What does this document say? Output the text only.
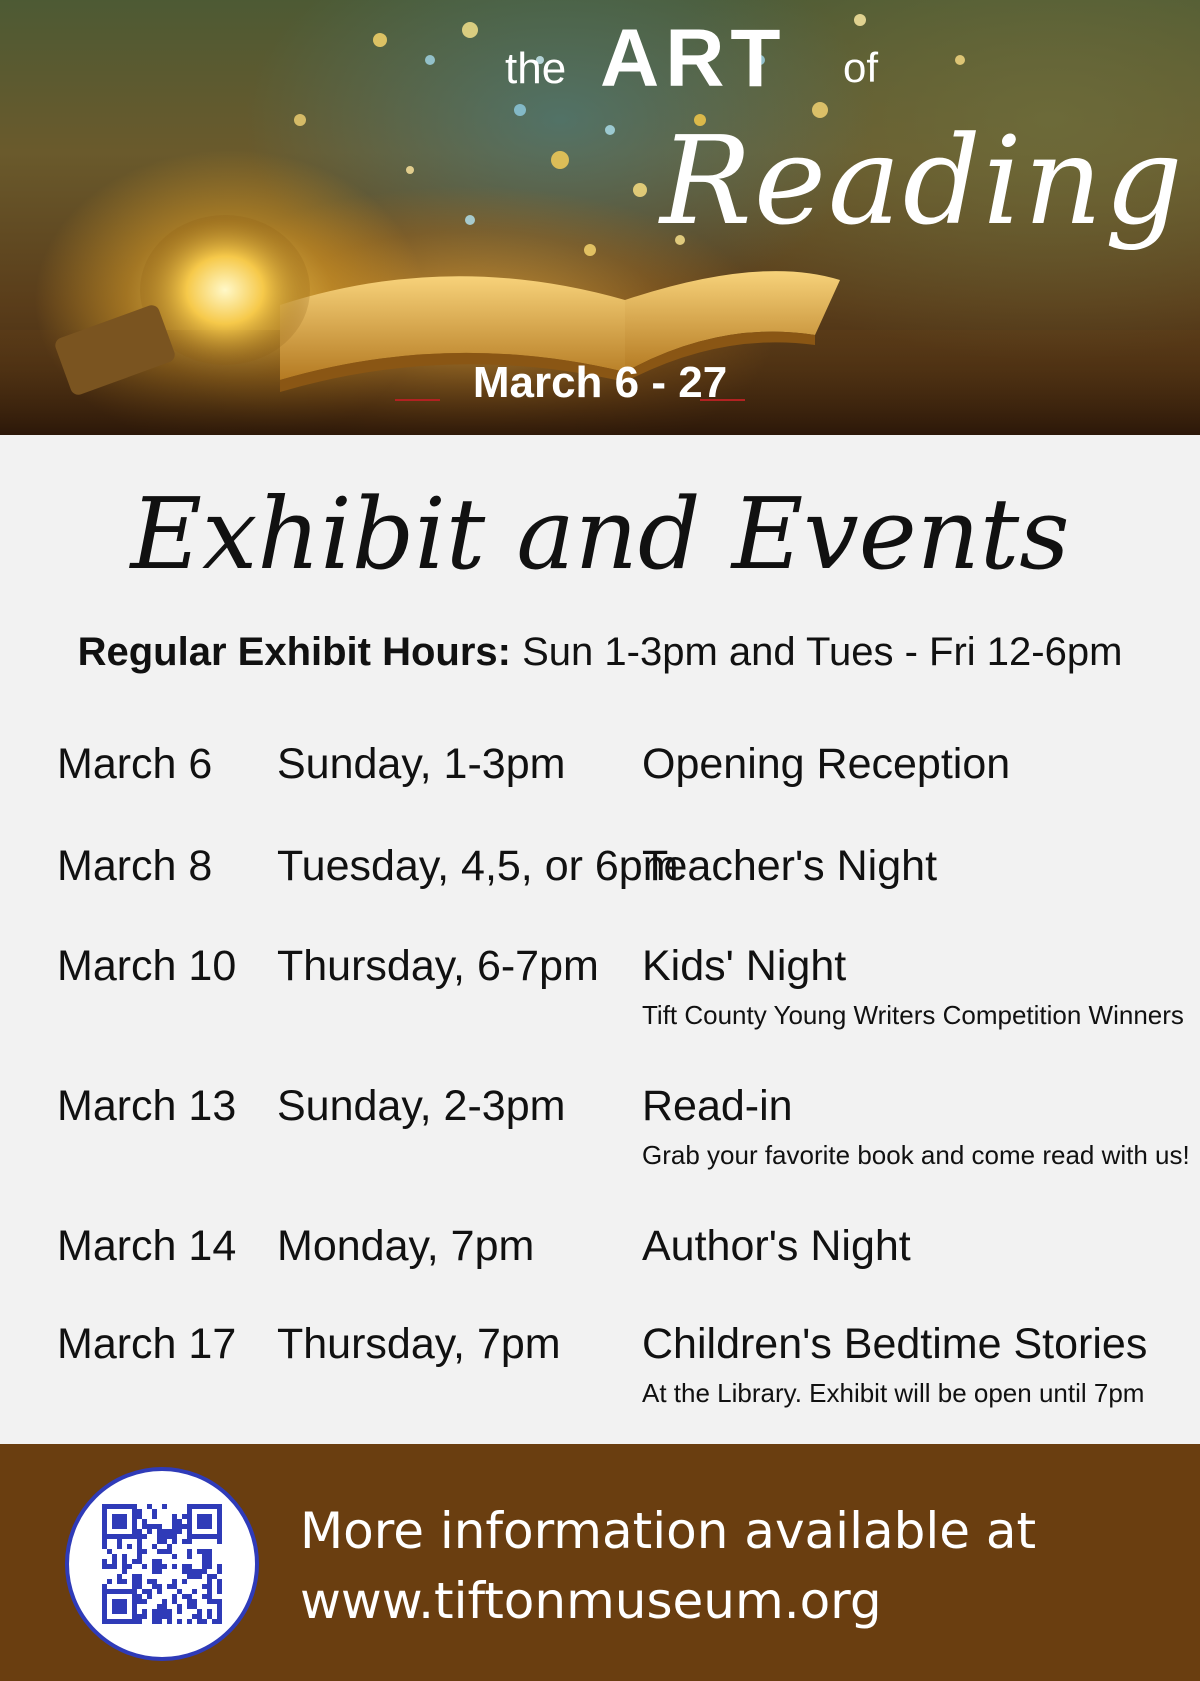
the ART of
Reading
March 6 - 27
Exhibit and Events
Regular Exhibit Hours: Sun 1-3pm and Tues - Fri 12-6pm
March 6 Sunday, 1-3pm Opening Reception
March 8 Tuesday, 4,5, or 6pm
Teacher's Night
March 10 Thursday, 6-7pm Kids' Night
Tift County Young Writers Competition Winners
March 13 Sunday, 2-3pm Read-in
Grab your favorite book and come read with us!
March 14 Monday, 7pm	Author's Night
March 17 Thursday, 7pm Children's Bedtime Stories
At the Library. Exhibit will be open until 7pm
More information available at
www.tiftonmuseum.org
